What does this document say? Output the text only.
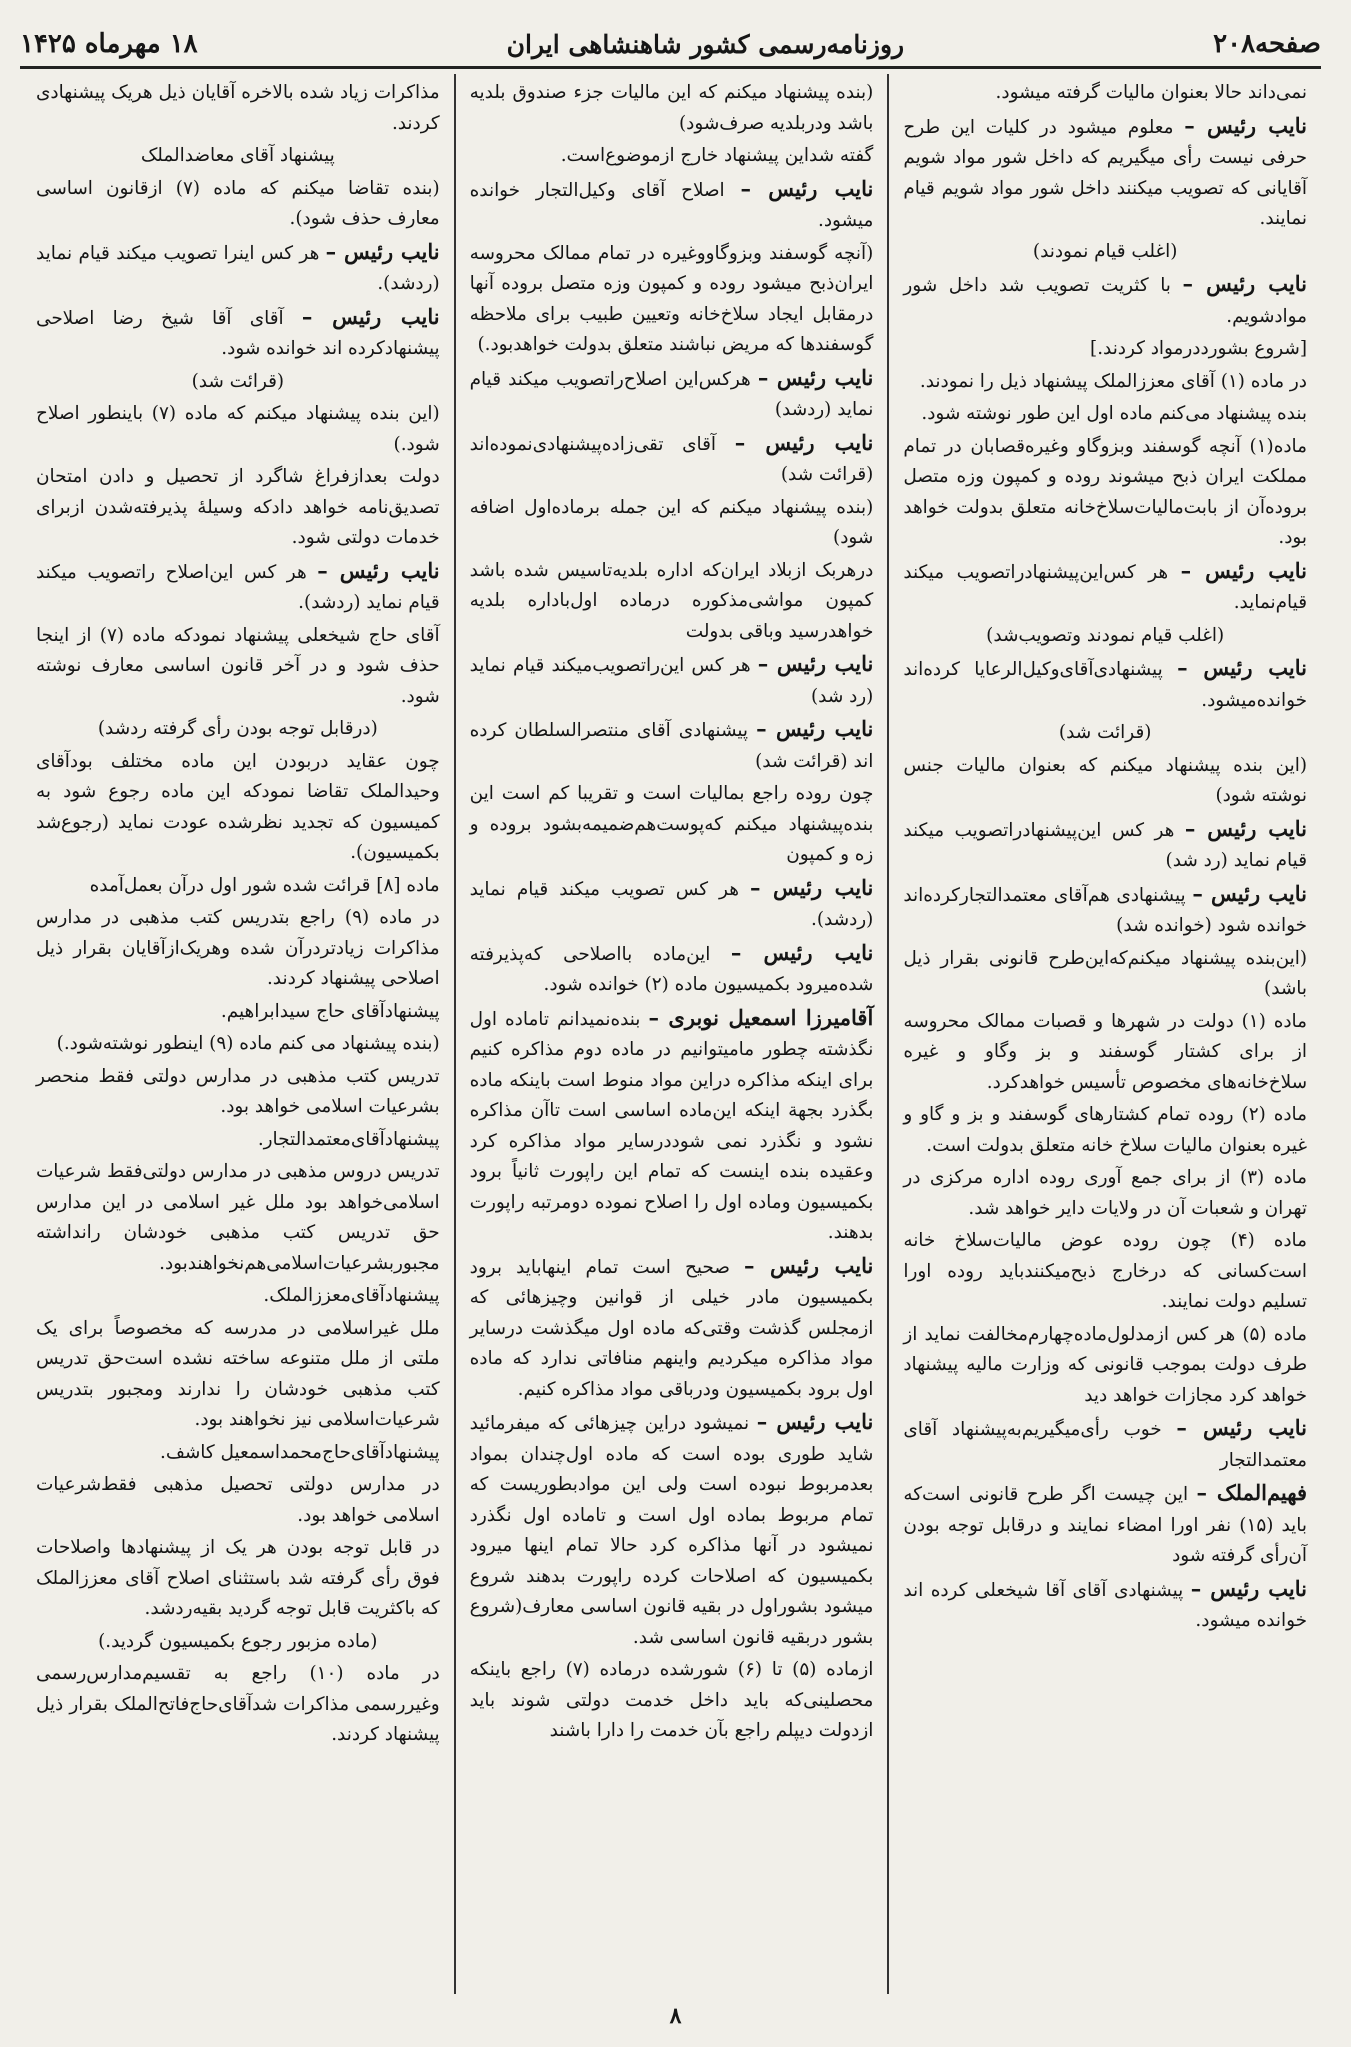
صفحه۲۰۸
روزنامه‌رسمی کشور شاهنشاهی ایران
۱۸ مهرماه ۱۴۲۵

نمی‌داند حالا بعنوان مالیات گرفته میشود.

نایب رئیس – معلوم میشود در کلیات این طرح حرفی نیست رأی میگیریم که داخل شور مواد شویم آقایانی که تصویب میکنند داخل شور مواد شویم قیام نمایند.

(اغلب قیام نمودند)

نایب رئیس – با کثریت تصویب شد داخل شور موادشویم.

[شروع بشورددرمواد کردند.]

در ماده (۱) آقای معززالملک پیشنهاد ذیل را نمودند.

بنده پیشنهاد می‌کنم ماده اول این طور نوشته شود.

ماده(۱) آنچه گوسفند وبزوگاو وغیره‌قصابان در تمام مملکت ایران ذبح میشوند روده و کمپون وزه متصل بروده‌آن از بابت‌مالیات‌سلاخ‌خانه متعلق بدولت خواهد بود.

نایب رئیس – هر کس‌این‌پیشنهادراتصویب میکند قیام‌نماید.

(اغلب قیام نمودند وتصویب‌شد)

نایب رئیس – پیشنهادی‌آقای‌وکیل‌الرعایا کرده‌اند خوانده‌میشود.

(قرائت شد)

(این بنده پیشنهاد میکنم که بعنوان مالیات جنس نوشته شود)

نایب رئیس – هر کس‌ این‌پیشنهادراتصویب میکند قیام نماید (رد شد)

نایب رئیس – پیشنهادی هم‌آقای معتمد‌التجارکرده‌اند خوانده شود (خوانده شد)

(این‌بنده پیشنهاد میکنم‌که‌این‌طرح قانونی بقرار ذیل باشد)

ماده (۱) دولت در شهرها و قصبات ممالک محروسه از برای کشتار گوسفند و بز وگاو و غیره سلاخ‌خانه‌های مخصوص تأسیس خواهدکرد.

ماده (۲) روده تمام کشتارهای گوسفند و بز و گاو و غیره بعنوان مالیات سلاخ خانه متعلق بدولت است.

ماده (۳) از برای جمع آوری روده اداره مرکزی در تهران و شعبات آن در ولایات دایر خواهد شد.

ماده (۴) چون روده عوض مالیات‌سلاخ خانه است‌کسانی که درخارج ذبح‌میکنندباید روده اورا تسلیم دولت نمایند.

ماده (۵) هر کس ازمدلول‌ماده‌چهارم‌مخالفت نماید از طرف دولت بموجب قانونی که وزارت مالیه پیشنهاد خواهد کرد مجازات خواهد دید

نایب رئیس – خوب رأی‌میگیریم‌به‌پیشنهاد آقای معتمدالتجار

فهیم‌الملک – این چیست اگر طرح قانونی است‌که باید (۱۵) نفر اورا امضاء نمایند و درقابل توجه بودن آن‌رأی گرفته شود

نایب رئیس – پیشنهادی آقای آقا شیخعلی کرده اند خوانده میشود.

(بنده پیشنهاد میکنم که این مالیات جزء صندوق بلدیه باشد ودربلدیه صرف‌شود)

گفته شداین پیشنهاد خارج ازموضوع‌است.

نایب رئیس – اصلاح آقای وکیل‌التجار خوانده میشود.

(آنچه گوسفند وبزوگاووغیره در تمام ممالک محروسه ایران‌ذبح میشود روده و کمپون وزه متصل بروده آنها درمقابل ایجاد سلاخ‌خانه وتعیین طبیب برای ملاحظه گوسفندها که مریض نباشند متعلق بدولت خواهدبود.)

نایب رئیس – هرکس‌این اصلاح‌راتصویب میکند قیام نماید (ردشد)

نایب رئیس – آقای تقی‌زاده‌پیشنهادی‌نموده‌اند (قرائت شد)

(بنده پیشنهاد میکنم که این جمله برماده‌اول اضافه شود)

درهربک ازبلاد ایران‌که اداره بلدیه‌تاسیس شده باشد کمپون مواشی‌مذکوره درماده اول‌باداره بلدیه خواهدرسید وباقی بدولت

نایب رئیس – هر کس این‌راتصویب‌میکند قیام نماید (رد شد)

نایب رئیس – پیشنهادی آقای منتصر‌السلطان کرده اند (قرائت شد)

چون روده راجع بمالیات است و تقریبا کم است این بنده‌پیشنهاد میکنم که‌پوست‌هم‌ضمیمه‌بشود بروده و زه و کمپون

نایب رئیس – هر کس تصویب میکند قیام نماید (ردشد).

نایب رئیس – این‌ماده بااصلاحی که‌پذیرفته شده‌میرود بکمیسیون ماده (۲) خوانده شود.

آقامیرزا اسمعیل نوبری – بنده‌نمیدانم تاماده اول نگذشته چطور مامیتوانیم در ماده دوم مذاکره کنیم برای اینکه مذاکره دراین مواد منوط است باینکه ماده بگذرد بجهة اینکه این‌ماده اساسی است تاآن مذاکره نشود و نگذرد نمی شوددرسایر مواد مذاکره کرد وعقیده بنده اینست که تمام این راپورت ثانیاً برود بکمیسیون وماده اول را اصلاح نموده دومرتبه راپورت بدهند.

نایب رئیس – صحیح است تمام اینهاباید برود بکمیسیون مادر خیلی از قوانین وچیزهائی که ازمجلس گذشت وقتی‌که ماده اول میگذشت درسایر مواد مذاکره میکردیم واینهم منافاتی ندارد که ماده اول برود بکمیسیون ودرباقی مواد مذاکره کنیم.

نایب رئیس – نمیشود دراین چیزهائی که میفرمائید شاید طوری بوده است که ماده اول‌چندان بمواد بعدمربوط نبوده است ولی این موادبطوریست که تمام مربوط بماده اول است و تاماده اول نگذرد نمیشود در آنها مذاکره کرد حالا تمام اینها میرود بکمیسیون که اصلاحات کرده راپورت بدهند شروع میشود بشوراول در بقیه قانون اساسی معارف(شروع بشور دربقیه قانون اساسی شد.

ازماده (۵) تا (۶) شورشده درماده (۷) راجع باینکه محصلینی‌که باید داخل خدمت دولتی شوند باید ازدولت دیپلم راجع بآن خدمت را دارا باشند

مذاکرات زیاد شده بالاخره آقایان ذیل هریک پیشنهادی کردند.

پیشنهاد آقای معاضدالملک

(بنده تقاضا میکنم که ماده (۷) ازقانون اساسی معارف حذف شود).

نایب رئیس – هر کس اینرا تصویب میکند قیام نماید (ردشد).

نایب رئیس – آقای آقا شیخ رضا اصلاحی پیشنهادکرده اند خوانده شود.

(قرائت شد)

(این بنده پیشنهاد میکنم که ماده (۷) باینطور اصلاح شود.)

دولت بعدازفراغ شاگرد از تحصیل و دادن امتحان تصدیق‌نامه خواهد دادکه وسیلهٔ پذیرفته‌شدن ازبرای خدمات دولتی شود.

نایب رئیس – هر کس این‌اصلاح راتصویب میکند قیام نماید (ردشد).

آقای حاج شیخعلی پیشنهاد نمودکه ماده (۷) از اینجا حذف شود و در آخر قانون اساسی معارف نوشته شود.

(درقابل توجه بودن رأی گرفته ردشد)

چون عقاید دربودن این ماده مختلف بودآقای وحیدالملک تقاضا نمودکه این ماده رجوع شود به کمیسیون که تجدید نظرشده عودت نماید (رجوع‌شد بکمیسیون).

ماده [۸] قرائت شده شور اول درآن بعمل‌آمده

در ماده (۹) راجع بتدریس کتب مذهبی در مدارس مذاکرات زیادتردرآن شده وهریک‌ازآقایان بقرار ذیل اصلاحی پیشنهاد کردند.

پیشنهادآقای حاج سیدابراهیم.

(بنده پیشنهاد می کنم ماده (۹) اینطور نوشته‌شود.)

تدریس کتب مذهبی در مدارس دولتی فقط منحصر بشرعیات اسلامی خواهد بود.

پیشنهادآقای‌معتمدالتجار.

تدریس دروس مذهبی در مدارس دولتی‌فقط شرعیات اسلامی‌خواهد بود ملل غیر اسلامی در این مدارس حق تدریس کتب مذهبی خودشان رانداشته مجبوربشرعیات‌اسلامی‌هم‌نخواهندبود.

پیشنهادآقای‌معززالملک.

ملل غیراسلامی در مدرسه که مخصوصاً برای یک ملتی از ملل متنوعه ساخته نشده است‌حق تدریس کتب مذهبی خودشان را ندارند ومجبور بتدریس شرعیات‌اسلامی نیز نخواهند بود.

پیشنهادآقای‌حاج‌محمداسمعیل کاشف.

در مدارس دولتی تحصیل مذهبی فقط‌شرعیات اسلامی خواهد بود.

در قابل توجه بودن هر یک از پیشنهادها واصلاحات فوق رأی گرفته شد باستثنای اصلاح آقای معززالملک که باکثریت قابل توجه گردید بقیه‌ردشد.

(ماده مزبور رجوع بکمیسیون گردید.)

در ماده (۱۰) راجع به تقسیم‌مدارس‌رسمی وغیررسمی مذاکرات شدآقای‌حاج‌فاتح‌الملک بقرار ذیل پیشنهاد کردند.

۸
